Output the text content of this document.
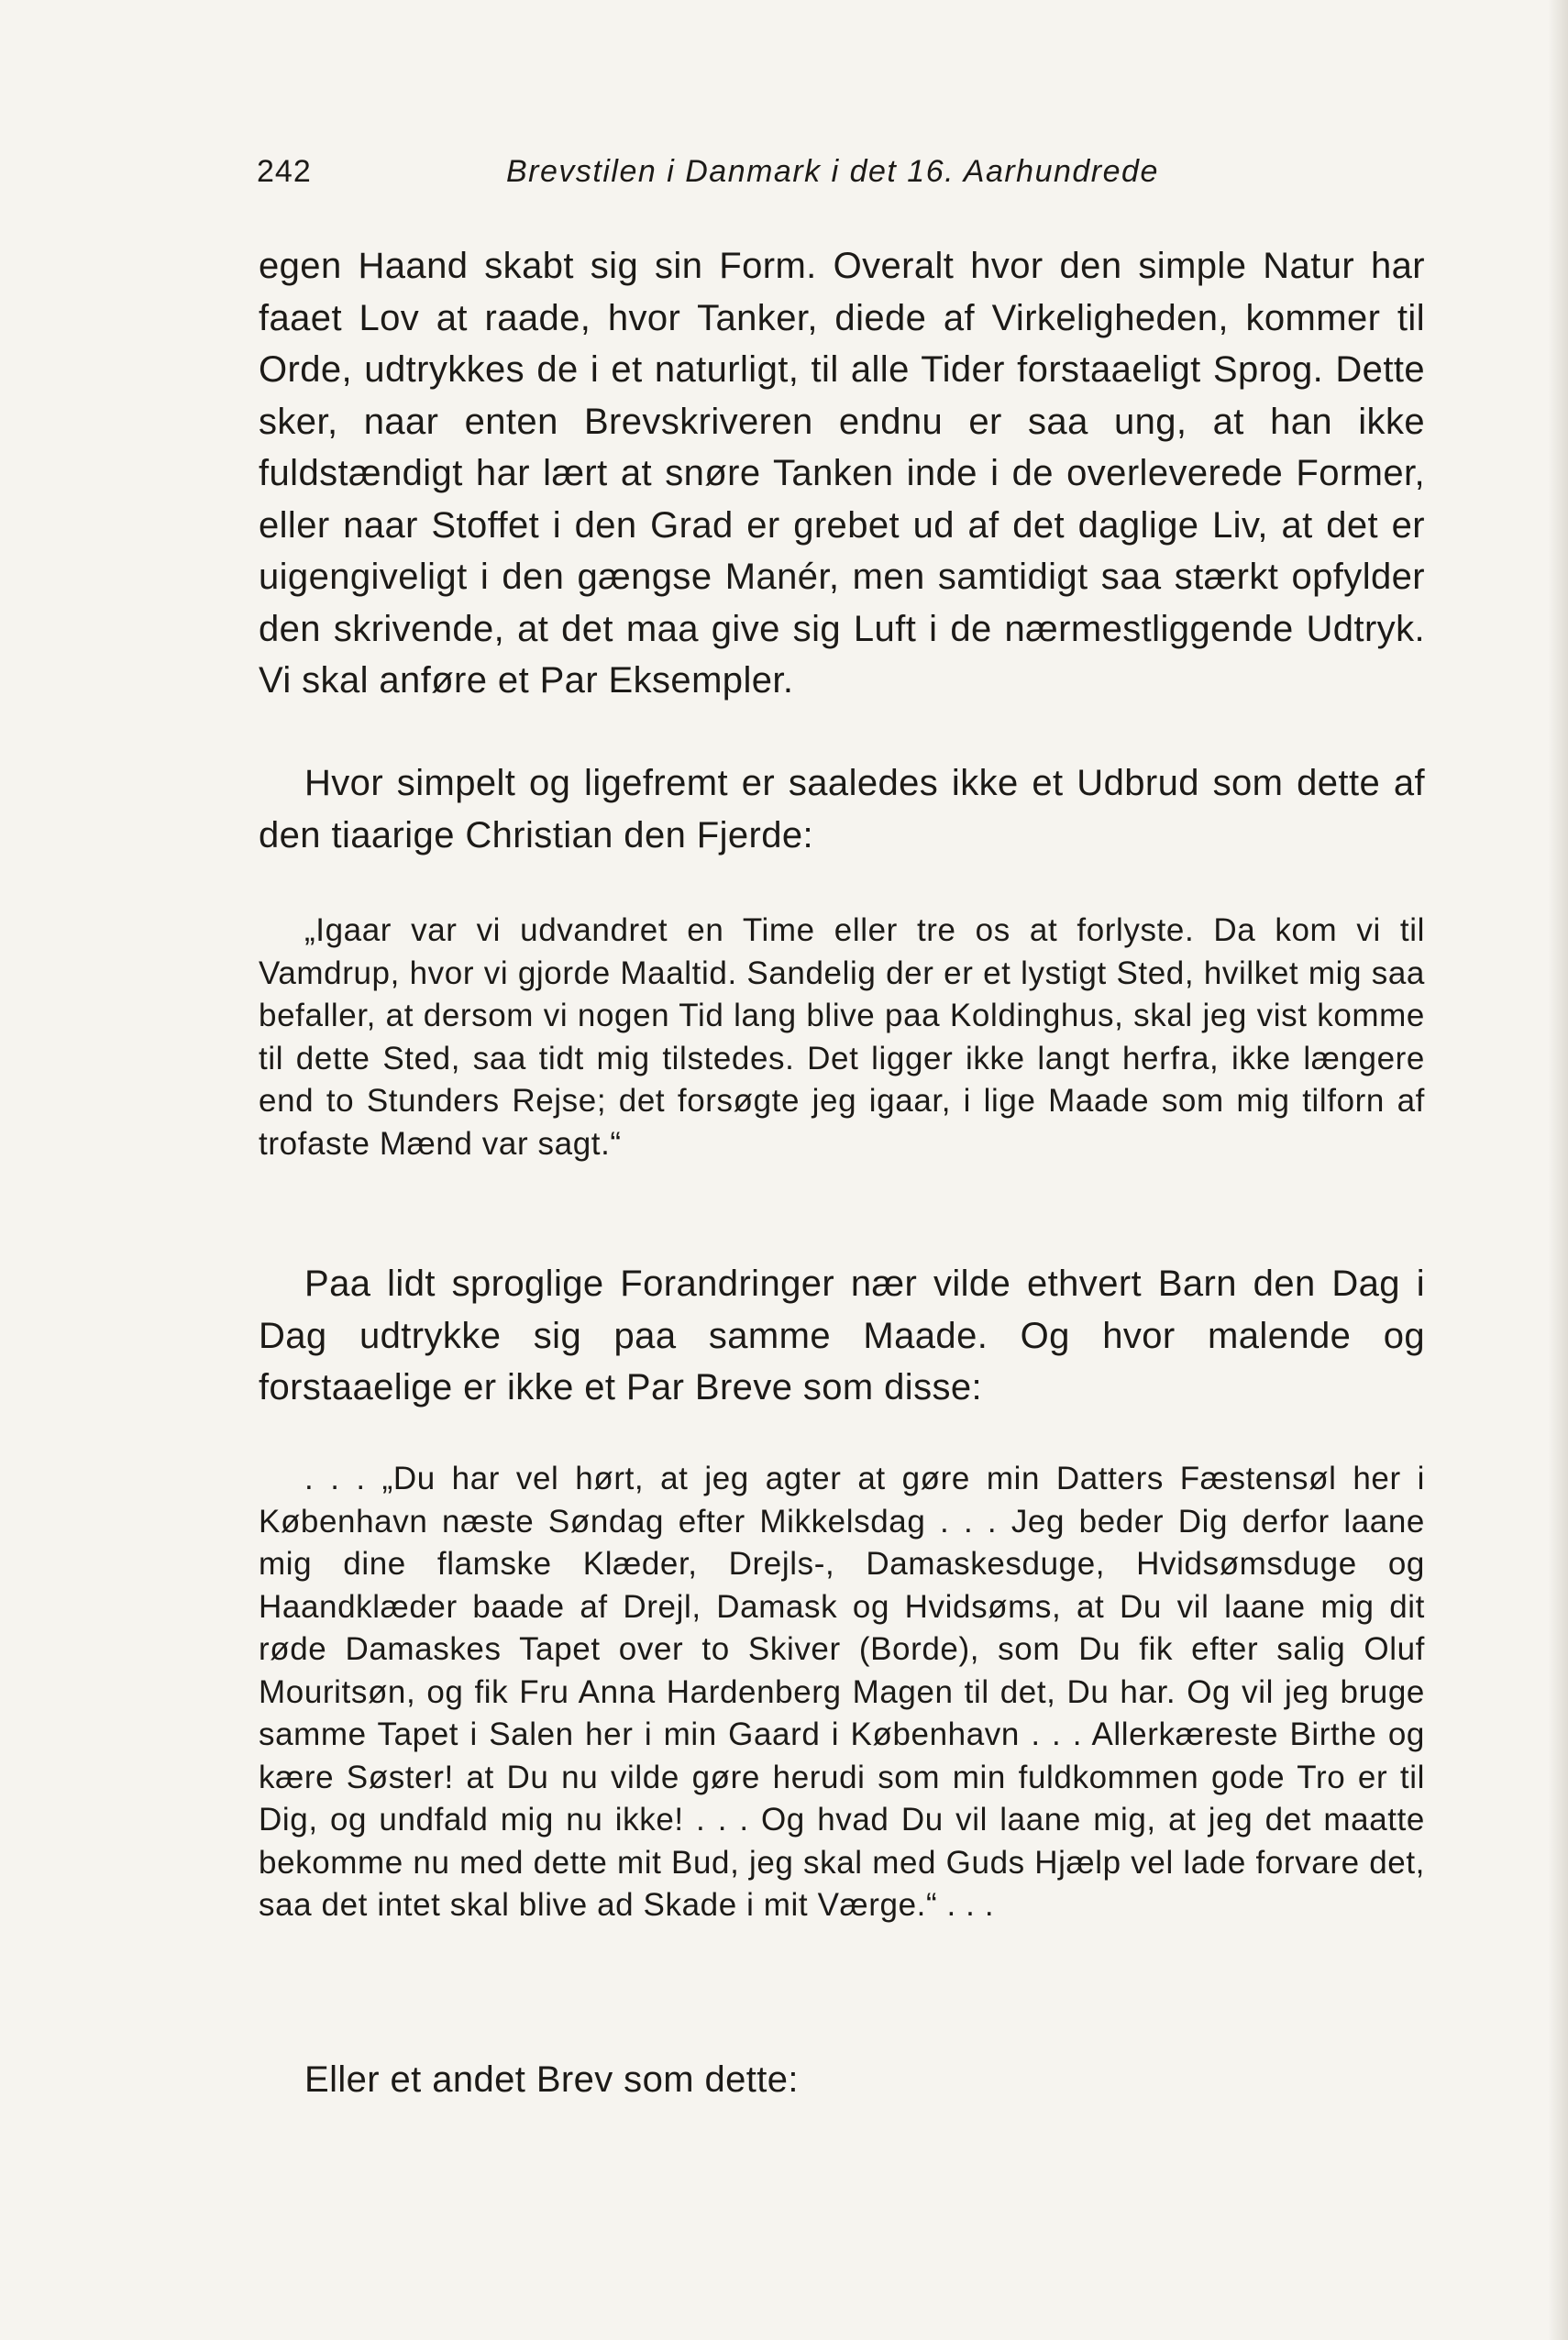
242	Brevstilen i Danmark i det 16. Aarhundrede

egen Haand skabt sig sin Form. Overalt hvor den simple Natur har faaet Lov at raade, hvor Tanker, diede af Virkeligheden, kommer til Orde, udtrykkes de i et naturligt, til alle Tider forstaaeligt Sprog. Dette sker, naar enten Brevskriveren endnu er saa ung, at han ikke fuldstændigt har lært at snøre Tanken inde i de overleverede Former, eller naar Stoffet i den Grad er grebet ud af det daglige Liv, at det er uigengiveligt i den gængse Manér, men samtidigt saa stærkt opfylder den skrivende, at det maa give sig Luft i de nærmestliggende Udtryk. Vi skal anføre et Par Eksempler.

Hvor simpelt og ligefremt er saaledes ikke et Udbrud som dette af den tiaarige Christian den Fjerde:

„Igaar var vi udvandret en Time eller tre os at forlyste. Da kom vi til Vamdrup, hvor vi gjorde Maaltid. Sandelig der er et lystigt Sted, hvilket mig saa befaller, at dersom vi nogen Tid lang blive paa Koldinghus, skal jeg vist komme til dette Sted, saa tidt mig tilstedes. Det ligger ikke langt herfra, ikke længere end to Stunders Rejse; det forsøgte jeg igaar, i lige Maade som mig tilforn af trofaste Mænd var sagt.“

Paa lidt sproglige Forandringer nær vilde ethvert Barn den Dag i Dag udtrykke sig paa samme Maade. Og hvor malende og forstaaelige er ikke et Par Breve som disse:

. . . „Du har vel hørt, at jeg agter at gøre min Datters Fæstensøl her i København næste Søndag efter Mikkelsdag . . . Jeg beder Dig derfor laane mig dine flamske Klæder, Drejls-, Damaskesduge, Hvidsømsduge og Haandklæder baade af Drejl, Damask og Hvidsøms, at Du vil laane mig dit røde Damaskes Tapet over to Skiver (Borde), som Du fik efter salig Oluf Mouritsøn, og fik Fru Anna Hardenberg Magen til det, Du har. Og vil jeg bruge samme Tapet i Salen her i min Gaard i København . . . Allerkæreste Birthe og kære Søster! at Du nu vilde gøre herudi som min fuldkommen gode Tro er til Dig, og undfald mig nu ikke! . . . Og hvad Du vil laane mig, at jeg det maatte bekomme nu med dette mit Bud, jeg skal med Guds Hjælp vel lade forvare det, saa det intet skal blive ad Skade i mit Værge.“ . . .

Eller et andet Brev som dette:
